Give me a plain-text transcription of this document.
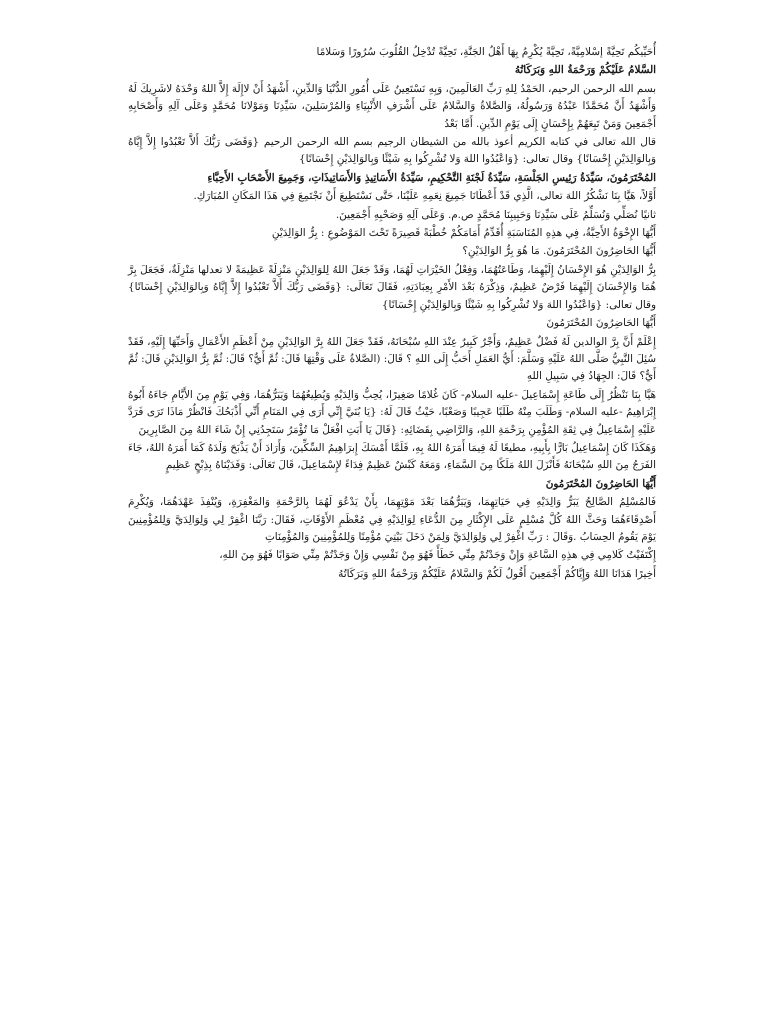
أُحَيِّيكُم تَحِيَّةً إسْلامِيَّةً، تَحِيَّةً يُكْرِمُ بِهَا أَهْلُ الجَنَّةِ، تَحِيَّةً تُدْخِلُ القُلُوبَ سُرُورًا وَسَلامًا

السَّلامُ عَلَيْكُمْ وَرَحْمَةُ اللهِ وَبَرَكَاتُهُ

بسم الله الرحمن الرحيم، الحَمْدُ لِلهِ رَبِّ العَالَمِينَ، وَبِهِ نَسْتَعِينُ عَلَى أُمُورِ الدُّنْيَا وَالدِّينِ، أَشْهَدُ أَنْ لاإِلَهَ إِلاَّ اللهُ وَحْدَهُ لاشَرِيكَ لَهُ وَأَشْهَدُ أَنَّ مُحَمَّدًا عَبْدُهُ وَرَسُولُهُ، وَالصَّلاةُ وَالسَّلامُ عَلَى أَشْرَفِ الأَنْبِيَاءِ وَالمُرْسَلِينَ، سَيِّدِنَا وَمَوْلانَا مُحَمَّدٍ وَعَلَى آلِهِ وَأَصْحَابِهِ أَجْمَعِينَ وَمَنْ تَبِعَهُمْ بِإِحْسَانٍ إِلَى يَوْمِ الدِّينِ. أَمَّا بَعْدُ

قال الله تعالى في كتابه الكريم أعوذ بالله من الشيطان الرجيم بسم الله الرحمن الرحيم {وَقَضَى رَبُّكَ أَلاَّ تَعْبُدُوا إِلاَّ إِيَّاهُ وَبِالوَالِدَيْنِ إِحْسَانًا} وقال تعالى: {وَاعْبُدُوا اللهَ وَلا تُشْرِكُوا بِهِ شَيْئًا وَبِالوَالِدَيْنِ إِحْسَانًا}

المُحْتَرَمُونَ، سَيِّدَةُ رَئِيسِ الجَلْسَةِ، سَيِّدَةُ لَجْنَةِ التَّحْكِيمِ، سَيِّدَةُ الأَسَاتِيذِ وَالأَسَاتِيذَاتِ، وَجَمِيعَ الأَصْحَابِ الأَحِبَّاءِ

أَوَّلاً، هَيَّا بِنَا نَشْكُرُ اللهَ تعالى، الَّذِي قَدْ أَعْطَانَا جَمِيعَ نِعَمِهِ عَلَيْنَا، حَتَّى نَسْتَطِيعَ أَنْ نَجْتَمِعَ فِي هَذَا المَكَانِ المُبَارَكِ.

ثانيًا نُصَلِّي وَنُسَلِّمُ عَلَى سَيِّدِنَا وَحَبِيبِنَا مُحَمَّدٍ ص.م. وَعَلَى آلِهِ وَصَحْبِهِ أَجْمَعِينَ.

أَيُّهَا الإِخْوَةُ الأَحِبَّةُ، فِي هذِهِ المُنَاسَبَةِ أُقَدِّمُ أَمَامَكُمْ خُطْبَةً قَصِيرَةً تَحْتَ المَوْضُوعِ : بِرُّ الوَالِدَيْنِ

أَيُّهَا الحَاضِرُونَ المُحْتَرَمُونَ. مَا هُوَ بِرُّ الوَالِدَيْنِ؟

بِرُّ الوَالِدَيْنِ هُوَ الإِحْسَانُ إِلَيْهِمَا، وَطَاعَتُهُمَا، وَفِعْلُ الخَيْرَاتِ لَهُمَا، وَقَدْ جَعَلَ اللهُ لِلوَالِدَيْنِ مَنْزِلَةً عَظِيمَةً لا تعدلها مَنْزِلَةٌ، فَجَعَلَ بِرَّ هُمَا وَالإِحْسَانَ إِلَيْهِمَا فَرْضٌ عَظِيمٌ، وَذِكْرَهُ بَعْدَ الأَمْرِ بِعِبَادَتِهِ، فَقَالَ تَعَالَى: {وَقَضَى رَبُّكَ أَلاَّ تَعْبُدُوا إِلاَّ إِيَّاهُ وَبِالوَالِدَيْنِ إِحْسَانًا} وقال تعالى: {وَاعْبُدُوا اللهَ وَلا تُشْرِكُوا بِهِ شَيْئًا وَبِالوَالِدَيْنِ إِحْسَانًا}

أَيُّهَا الحَاضِرُونَ المُحْتَرَمُونَ

إِعْلَمْ أَنَّ بِرَّ الوالدين لَهُ فَضْلٌ عَظِيمٌ، وَأَجْرٌ كَبِيرٌ عِنْدَ اللهِ سُبْحَانَهُ، فَقَدْ جَعَلَ اللهُ بِرَّ الوَالِدَيْنِ مِنْ أَعْظَمِ الأَعْمَالِ وَأَحَبِّهَا إِلَيْهِ، فَقَدْ سُئِلَ النَّبِيُّ صَلَّى اللهُ عَلَيْهِ وَسَلَّمَ: أَيُّ العَمَلِ أَحَبُّ إِلَى اللهِ ؟ قَالَ: (الصَّلاةُ عَلَى وَقْتِهَا قَالَ: ثُمَّ أَيٌّ؟ قَالَ: ثُمَّ بِرُّ الوَالِدَيْنِ قَالَ: ثُمَّ أَيٌّ؟ قَالَ: الجِهَادُ فِي سَبِيلِ اللهِ

هَيَّا بِنَا نَنْظُرُ إِلَى طَاعَةِ إِسْمَاعِيلَ -عليه السلام- كَانَ غُلامًا صَغِيرًا، يُحِبُّ وَالِدَيْهِ وَيُطِيعُهُمَا وَيَبَرُّهُمَا، وَفِي يَوْمٍ مِنَ الأَيَّامِ جَاءَهُ أَبُوهُ إِبْرَاهِيمُ -عليه السلام- وَطَلَبَ مِنْهُ طَلَبًا عَجِيبًا وَصَعْبًا، حَيْثُ قَالَ لَهُ: {يَا بُنَيَّ إِنِّي أَرَى فِي المَنَامِ أَنِّي أَذْبَحُكَ فَانْظُرْ مَاذَا تَرَى فَرَدَّ عَلَيْهِ إِسْمَاعِيلُ فِي ثِقَةِ المُؤْمِنِ بِرَحْمَةِ اللهِ، وَالرَّاضِي بِقَضَائِهِ: {قَالَ يَا أَبَتِ افْعَلْ مَا تُؤْمَرُ سَتَجِدُنِي إِنْ شَاءَ اللهُ مِنَ الصَّابِرِينَ

وَهَكَذَا كَانَ إِسْمَاعِيلُ بَارًّا بِأَبِيهِ، مطيعًا لَهُ فِيمَا أَمَرَهُ اللهُ بِهِ، فَلَمَّا أَمْسَكَ إِبرَاهِيمُ السِّكِّينَ، وَأَرَادَ أَنْ يَذْبَحَ وَلَدَهُ كَمَا أَمَرَهُ اللهُ، جَاءَ الفَرَجُ مِنَ اللهِ سُبْحَانَهُ فَأَنْزَلَ اللهُ مَلَكًا مِنَ السَّمَاءِ، وَمَعَهُ كَبْشٌ عَظِيمٌ فِدَاءً لإِسْمَاعِيلَ، قَالَ تَعَالَى: وَفَدَيْنَاهُ بِذِبْحٍ عَظِيمٍ

أَيُّهَا الحَاضِرُونَ المُحْتَرَمُونَ

فَالمُسْلِمُ الصَّالِحُ يَبَرُّ وَالِدَيْهِ فِي حَيَاتِهِمَا، وَيَبَرُّهُمَا بَعْدَ مَوْتِهِمَا، بِأَنْ يَدْعُوَ لَهُمَا بِالرَّحْمَةِ وَالمَغْفِرَةِ، وَيُنْفِذَ عَهْدَهُمَا، وَيُكْرِمَ أَصْدِقَاءَهُمَا وَحَثَّ اللهُ كُلَّ مُسْلِمٍ عَلَى الإِكْثَارِ مِنَ الدُّعَاءِ لِوَالِدَيْهِ فِي مُعْظَمِ الأَوْقَاتِ، فَقَالَ: رَبَّنَا اغْفِرْ لِي وَلِوَالِدَيَّ وَلِلمُؤْمِنِينَ يَوْمَ يَقُومُ الحِسَابُ .وَقَالَ : رَبِّ اغْفِرْ لِي وَلِوَالِدَيَّ وَلِمَنْ دَخَلَ بَيْتِيَ مُؤْمِنًا وَلِلمُؤْمِنِينَ وَالمُؤْمِنَاتِ

إِكْتَفَيْتُ كَلامِي فِي هذِهِ السَّاعَةِ وَإِنْ وَجَدْتُمْ مِنِّي خَطَأً فَهُوَ مِنْ نَفْسِي وَإِنْ وَجَدْتُمْ مِنِّي صَوَابًا فَهُوَ مِنَ اللهِ،

أَخِيرًا هَدَانَا اللهُ وَإِيَّاكُمْ أَجْمَعِينَ أَقُولُ لَكُمْ وَالسَّلامُ عَلَيْكُمْ وَرَحْمَةُ اللهِ وَبَرَكَاتُهُ
